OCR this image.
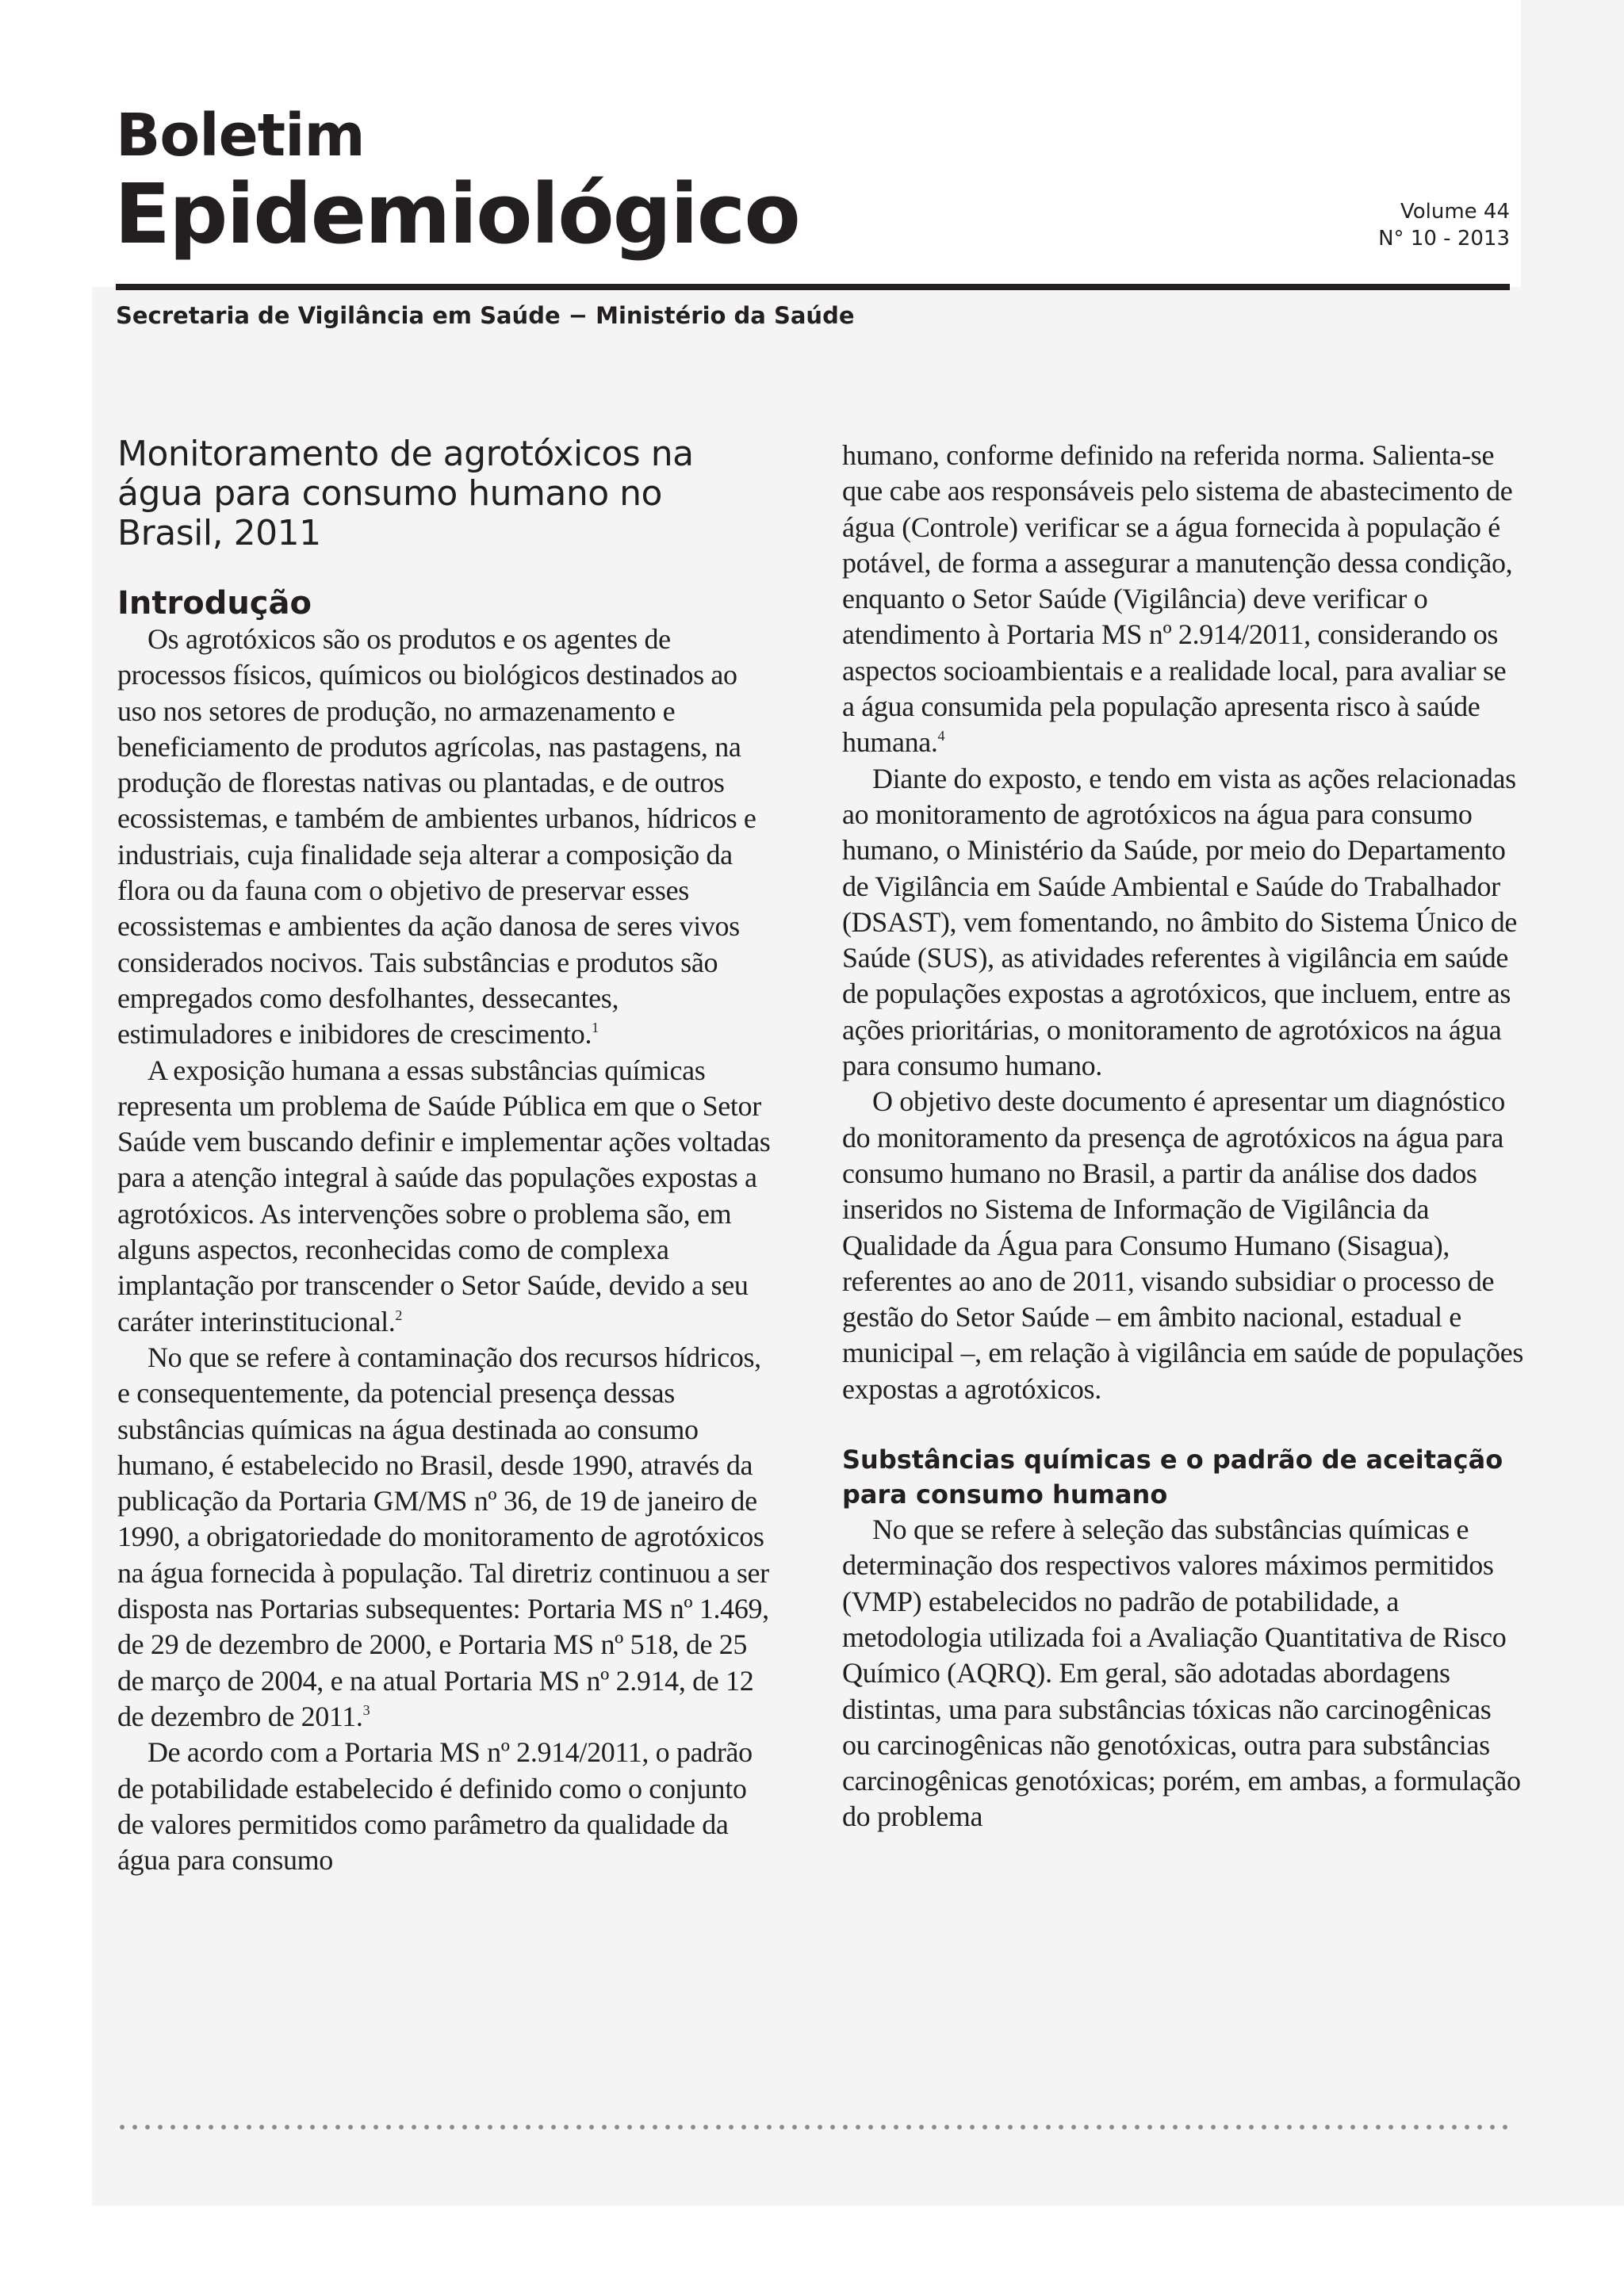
Boletim
Epidemiológico	Volume 44
N° 10 - 2013

Secretaria de Vigilância em Saúde − Ministério da Saúde

Monitoramento de agrotóxicos na água para consumo humano no Brasil, 2011
Introdução

Os agrotóxicos são os produtos e os agentes de processos físicos, químicos ou biológicos destinados ao uso nos setores de produção, no armazenamento e beneficiamento de produtos agrícolas, nas pastagens, na produção de florestas nativas ou plantadas, e de outros ecossistemas, e também de ambientes urbanos, hídricos e industriais, cuja finalidade seja alterar a composição da flora ou da fauna com o objetivo de preservar esses ecossistemas e ambientes da ação danosa de seres vivos considerados nocivos. Tais substâncias e produtos são empregados como desfolhantes, dessecantes, estimuladores e inibidores de crescimento.$^1$

A exposição humana a essas substâncias químicas representa um problema de Saúde Pública em que o Setor Saúde vem buscando definir e implementar ações voltadas para a atenção integral à saúde das populações expostas a agrotóxicos. As intervenções sobre o problema são, em alguns aspectos, reconhecidas como de complexa implantação por transcender o Setor Saúde, devido a seu caráter interinstitucional.$^2$

No que se refere à contaminação dos recursos hídricos, e consequentemente, da potencial presença dessas substâncias químicas na água destinada ao consumo humano, é estabelecido no Brasil, desde 1990, através da publicação da Portaria GM/MS nº 36, de 19 de janeiro de 1990, a obrigatoriedade do monitoramento de agrotóxicos na água fornecida à população. Tal diretriz continuou a ser disposta nas Portarias subsequentes: Portaria MS nº 1.469, de 29 de dezembro de 2000, e Portaria MS nº 518, de 25 de março de 2004, e na atual Portaria MS nº 2.914, de 12 de dezembro de 2011.$^3$

De acordo com a Portaria MS nº 2.914/2011, o padrão de potabilidade estabelecido é definido como o conjunto de valores permitidos como parâmetro da qualidade da água para consumo

humano, conforme definido na referida norma. Salienta-se que cabe aos responsáveis pelo sistema de abastecimento de água (Controle) verificar se a água fornecida à população é potável, de forma a assegurar a manutenção dessa condição, enquanto o Setor Saúde (Vigilância) deve verificar o atendimento à Portaria MS nº 2.914/2011, considerando os aspectos socioambientais e a realidade local, para avaliar se a água consumida pela população apresenta risco à saúde humana.$^4$

Diante do exposto, e tendo em vista as ações relacionadas ao monitoramento de agrotóxicos na água para consumo humano, o Ministério da Saúde, por meio do Departamento de Vigilância em Saúde Ambiental e Saúde do Trabalhador (DSAST), vem fomentando, no âmbito do Sistema Único de Saúde (SUS), as atividades referentes à vigilância em saúde de populações expostas a agrotóxicos, que incluem, entre as ações prioritárias, o monitoramento de agrotóxicos na água para consumo humano.

O objetivo deste documento é apresentar um diagnóstico do monitoramento da presença de agrotóxicos na água para consumo humano no Brasil, a partir da análise dos dados inseridos no Sistema de Informação de Vigilância da Qualidade da Água para Consumo Humano (Sisagua), referentes ao ano de 2011, visando subsidiar o processo de gestão do Setor Saúde – em âmbito nacional, estadual e municipal –, em relação à vigilância em saúde de populações expostas a agrotóxicos.

Substâncias químicas e o padrão de aceitação para consumo humano

No que se refere à seleção das substâncias químicas e determinação dos respectivos valores máximos permitidos (VMP) estabelecidos no padrão de potabilidade, a metodologia utilizada foi a Avaliação Quantitativa de Risco Químico (AQRQ). Em geral, são adotadas abordagens distintas, uma para substâncias tóxicas não carcinogênicas ou carcinogênicas não genotóxicas, outra para substâncias carcinogênicas genotóxicas; porém, em ambas, a formulação do problema
